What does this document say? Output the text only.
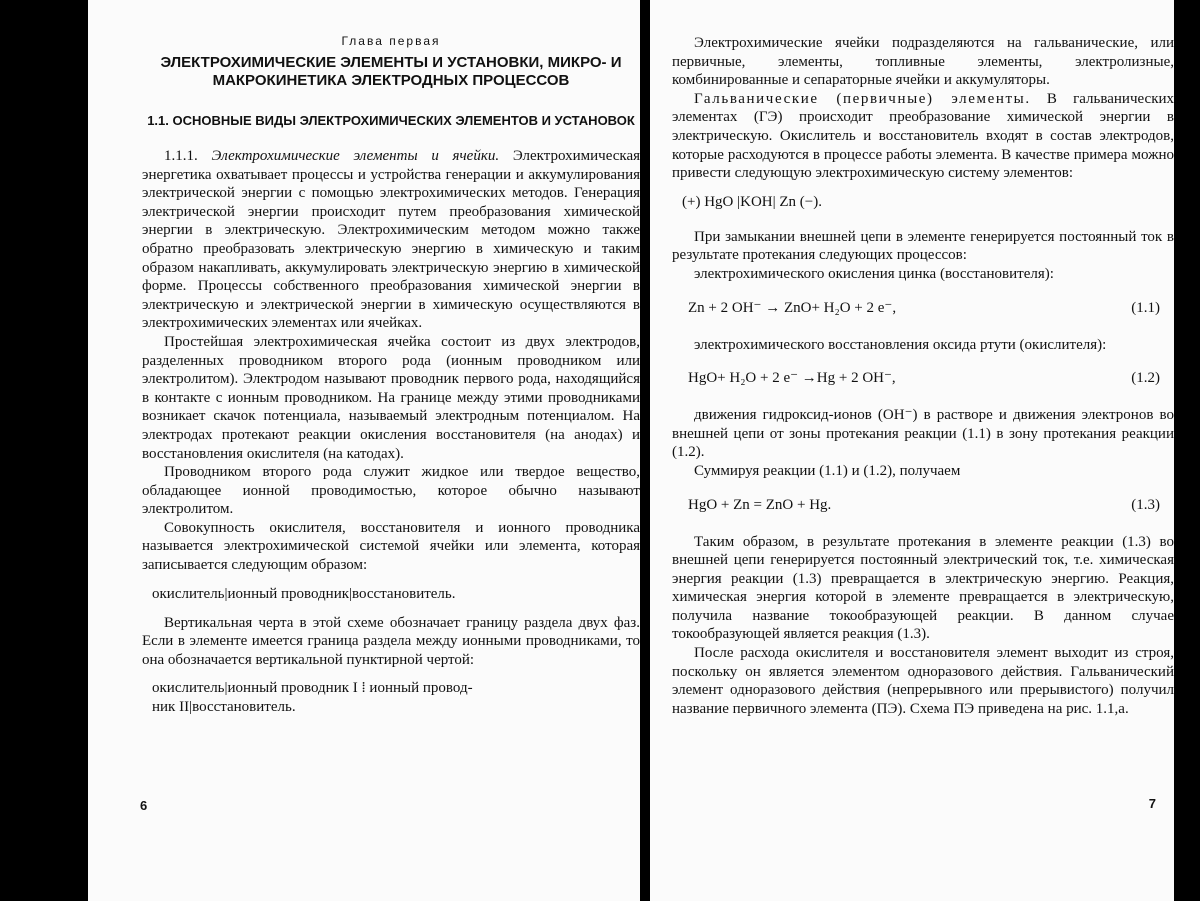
Глава первая
ЭЛЕКТРОХИМИЧЕСКИЕ ЭЛЕМЕНТЫ И УСТАНОВКИ, МИКРО- И МАКРОКИНЕТИКА ЭЛЕКТРОДНЫХ ПРОЦЕССОВ
1.1. ОСНОВНЫЕ ВИДЫ ЭЛЕКТРОХИМИЧЕСКИХ ЭЛЕМЕНТОВ И УСТАНОВОК

1.1.1. Электрохимические элементы и ячейки. Электрохимическая энергетика охватывает процессы и устройства генерации и аккумулирования электрической энергии с помощью электрохимических методов. Генерация электрической энергии происходит путем преобразования химической энергии в электрическую. Электрохимическим методом можно также обратно преобразовать электрическую энергию в химическую и таким образом накапливать, аккумулировать электрическую энергию в химической форме. Процессы собственного преобразования химической энергии в электрическую и электрической энергии в химическую осуществляются в электрохимических элементах или ячейках.

Простейшая электрохимическая ячейка состоит из двух электродов, разделенных проводником второго рода (ионным проводником или электролитом). Электродом называют проводник первого рода, находящийся в контакте с ионным проводником. На границе между этими проводниками возникает скачок потенциала, называемый электродным потенциалом. На электродах протекают реакции окисления восстановителя (на анодах) и восстановления окислителя (на катодах).

Проводником второго рода служит жидкое или твердое вещество, обладающее ионной проводимостью, которое обычно называют электролитом.

Совокупность окислителя, восстановителя и ионного проводника называется электрохимической системой ячейки или элемента, которая записывается следующим образом:

окислитель|ионный проводник|восстановитель.

Вертикальная черта в этой схеме обозначает границу раздела двух фаз. Если в элементе имеется граница раздела между ионными проводниками, то она обозначается вертикальной пунктирной чертой:

окислитель|ионный проводник I ⁞ ионный провод-
ник II|восстановитель.
6

Электрохимические ячейки подразделяются на гальванические, или первичные, элементы, топливные элементы, электролизные, комбинированные и сепараторные ячейки и аккумуляторы.

Гальванические (первичные) элементы. В гальванических элементах (ГЭ) происходит преобразование химической энергии в электрическую. Окислитель и восстановитель входят в состав электродов, которые расходуются в процессе работы элемента. В качестве примера можно привести следующую электрохимическую систему элементов:

(+) HgO |KOH| Zn (−).

При замыкании внешней цепи в элементе генерируется постоянный ток в результате протекания следующих процессов:

электрохимического окисления цинка (восстановителя):

Zn + 2 OH⁻ → ZnO+ H₂O + 2 e⁻,	(1.1)

электрохимического восстановления оксида ртути (окислителя):

HgO+ H₂O + 2 e⁻ →Hg + 2 OH⁻,	(1.2)

движения гидроксид-ионов (OH⁻) в растворе и движения электронов во внешней цепи от зоны протекания реакции (1.1) в зону протекания реакции (1.2).

Суммируя реакции (1.1) и (1.2), получаем

HgO + Zn = ZnO + Hg.	(1.3)

Таким образом, в результате протекания в элементе реакции (1.3) во внешней цепи генерируется постоянный электрический ток, т.е. химическая энергия реакции (1.3) превращается в электрическую энергию. Реакция, химическая энергия которой в элементе превращается в электрическую, получила название токообразующей реакции. В данном случае токообразующей является реакция (1.3).

После расхода окислителя и восстановителя элемент выходит из строя, поскольку он является элементом одноразового действия. Гальванический элемент одноразового действия (непрерывного или прерывистого) получил название первичного элемента (ПЭ). Схема ПЭ приведена на рис. 1.1,а.

7
